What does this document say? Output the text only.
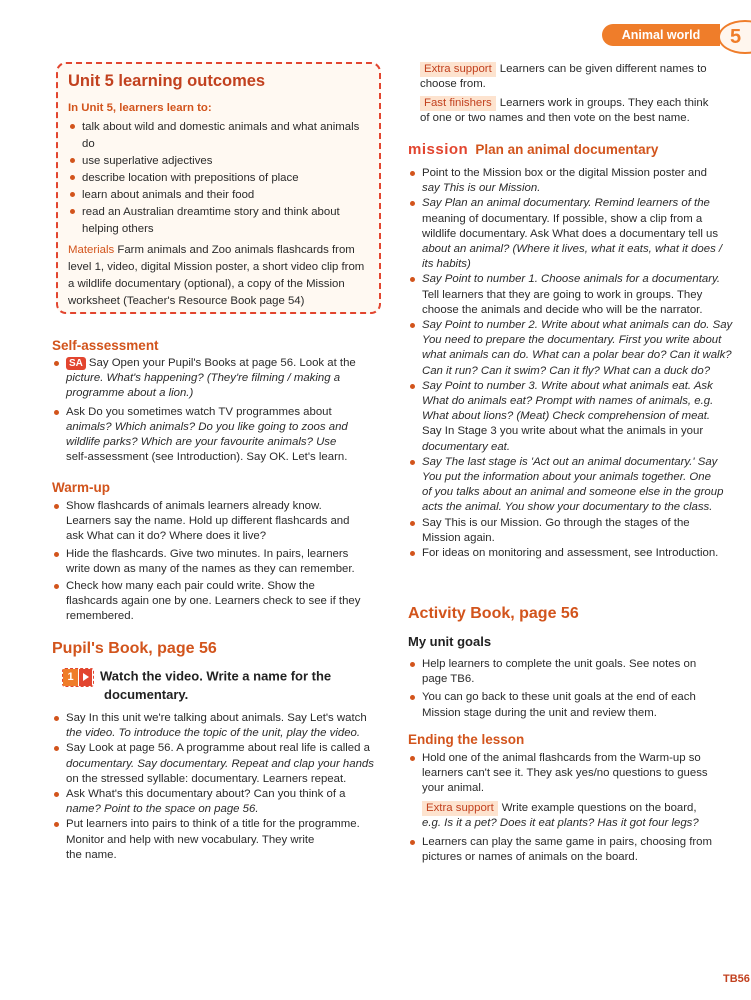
Animal world	5
Unit 5 learning outcomes
In Unit 5, learners learn to:
talk about wild and domestic animals and what animals do
use superlative adjectives
describe location with prepositions of place
learn about animals and their food
read an Australian dreamtime story and think about helping others
Materials Farm animals and Zoo animals flashcards from level 1, video, digital Mission poster, a short video clip from a wildlife documentary (optional), a copy of the Mission worksheet (Teacher's Resource Book page 54)
Self-assessment
SA Say Open your Pupil's Books at page 56. Look at the
picture. What's happening? (They're filming / making a
programme about a lion.)
Ask Do you sometimes watch TV programmes about
animals? Which animals? Do you like going to zoos and
wildlife parks? Which are your favourite animals? Use
self-assessment (see Introduction). Say OK. Let's learn.
Warm-up
Show flashcards of animals learners already know.
Learners say the name. Hold up different flashcards and
ask What can it do? Where does it live?
Hide the flashcards. Give two minutes. In pairs, learners
write down as many of the names as they can remember.
Check how many each pair could write. Show the
flashcards again one by one. Learners check to see if they
remembered.
Pupil's Book, page 56
1	Watch the video. Write a name for the
documentary.
Say In this unit we're talking about animals. Say Let's watch
the video. To introduce the topic of the unit, play the video.
Say Look at page 56. A programme about real life is called a
documentary. Say documentary. Repeat and clap your hands
on the stressed syllable: documentary. Learners repeat.
Ask What's this documentary about? Can you think of a
name? Point to the space on page 56.
Put learners into pairs to think of a title for the programme.
Monitor and help with new vocabulary. They write
the name.
Extra support Learners can be given different names to
choose from.
Fast finishers Learners work in groups. They each think
of one or two names and then vote on the best name.
mission Plan an animal documentary
Point to the Mission box or the digital Mission poster and
say This is our Mission.
Say Plan an animal documentary. Remind learners of the
meaning of documentary. If possible, show a clip from a
wildlife documentary. Ask What does a documentary tell us
about an animal? (Where it lives, what it eats, what it does /
its habits)
Say Point to number 1. Choose animals for a documentary.
Tell learners that they are going to work in groups. They
choose the animals and decide who will be the narrator.
Say Point to number 2. Write about what animals can do. Say
You need to prepare the documentary. First you write about
what animals can do. What can a polar bear do? Can it walk?
Can it run? Can it swim? Can it fly? What can a duck do?
Say Point to number 3. Write about what animals eat. Ask
What do animals eat? Prompt with names of animals, e.g.
What about lions? (Meat) Check comprehension of meat.
Say In Stage 3 you write about what the animals in your
documentary eat.
Say The last stage is 'Act out an animal documentary.' Say
You put the information about your animals together. One
of you talks about an animal and someone else in the group
acts the animal. You show your documentary to the class.
Say This is our Mission. Go through the stages of the
Mission again.
For ideas on monitoring and assessment, see Introduction.
Activity Book, page 56
My unit goals
Help learners to complete the unit goals. See notes on
page TB6.
You can go back to these unit goals at the end of each
Mission stage during the unit and review them.
Ending the lesson
Hold one of the animal flashcards from the Warm-up so
learners can't see it. They ask yes/no questions to guess
your animal.
Extra support Write example questions on the board,
e.g. Is it a pet? Does it eat plants? Has it got four legs?
Learners can play the same game in pairs, choosing from
pictures or names of animals on the board.
TB56
